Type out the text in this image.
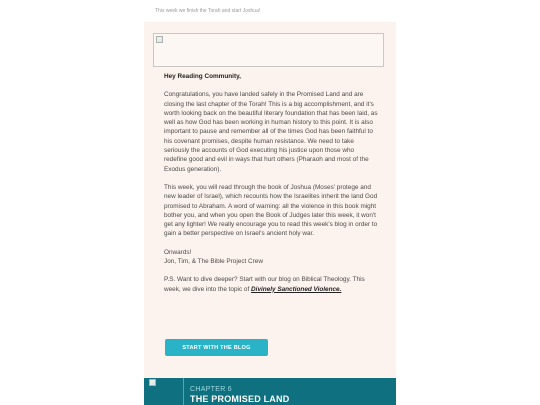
This week we finish the Torah and start Joshua!

Hey Reading Community,

Congratulations, you have landed safely in the Promised Land and are closing the last chapter of the Torah! This is a big accomplishment, and it's worth looking back on the beautiful literary foundation that has been laid, as well as how God has been working in human history to this point. It is also important to pause and remember all of the times God has been faithful to his covenant promises, despite human resistance. We need to take seriously the accounts of God executing his justice upon those who redefine good and evil in ways that hurt others (Pharaoh and most of the Exodus generation).

This week, you will read through the book of Joshua (Moses' protege and new leader of Israel), which recounts how the Israelites inherit the land God promised to Abraham. A word of warning: all the violence in this book might bother you, and when you open the Book of Judges later this week, it won't get any lighter! We really encourage you to read this week's blog in order to gain a better perspective on Israel's ancient holy war.

Onwards!
Jon, Tim, & The Bible Project Crew

P.S. Want to dive deeper? Start with our blog on Biblical Theology. This week, we dive into the topic of Divinely Sanctioned Violence.

START WITH THE BLOG
CHAPTER 6
THE PROMISED LAND
